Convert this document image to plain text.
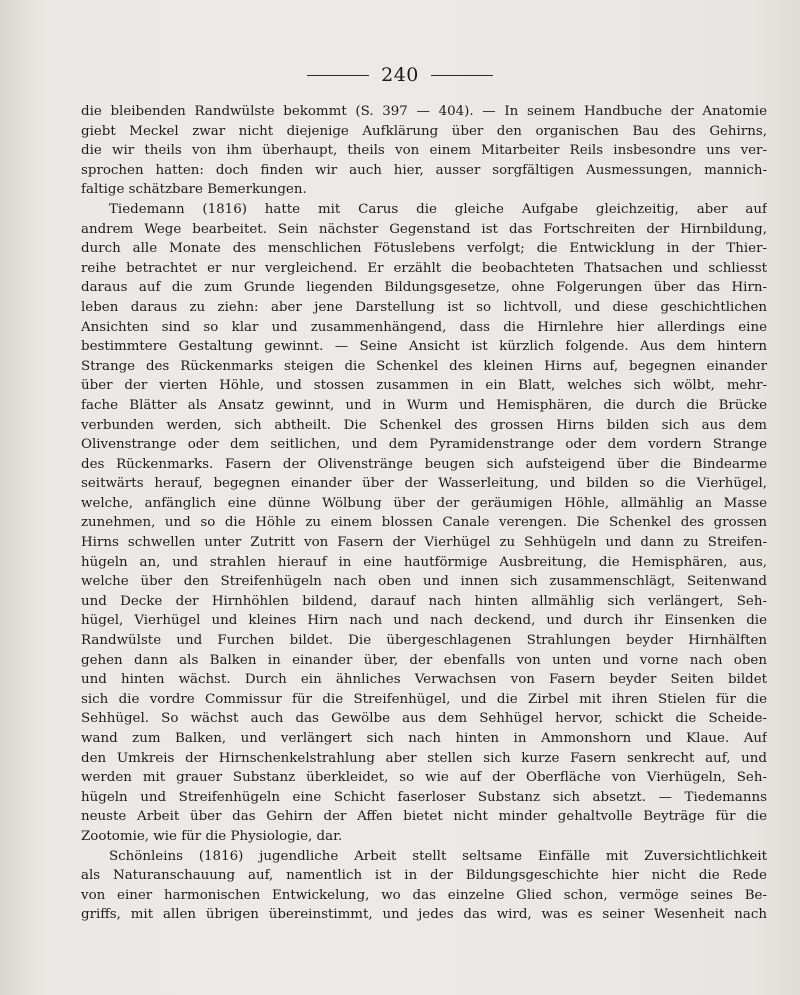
240
die bleibenden Randwülste bekommt (S. 397 — 404). — In seinem Handbuche der Anatomie
giebt Meckel zwar nicht diejenige Aufklärung über den organischen Bau des Gehirns,
die wir theils von ihm überhaupt, theils von einem Mitarbeiter Reils insbesondre uns ver-
sprochen hatten: doch finden wir auch hier, ausser sorgfältigen Ausmessungen, mannich-
faltige schätzbare Bemerkungen.
Tiedemann (1816) hatte mit Carus die gleiche Aufgabe gleichzeitig, aber auf
andrem Wege bearbeitet. Sein nächster Gegenstand ist das Fortschreiten der Hirnbildung,
durch alle Monate des menschlichen Fötuslebens verfolgt; die Entwicklung in der Thier-
reihe betrachtet er nur vergleichend. Er erzählt die beobachteten Thatsachen und schliesst
daraus auf die zum Grunde liegenden Bildungsgesetze, ohne Folgerungen über das Hirn-
leben daraus zu ziehn: aber jene Darstellung ist so lichtvoll, und diese geschichtlichen
Ansichten sind so klar und zusammenhängend, dass die Hirnlehre hier allerdings eine
bestimmtere Gestaltung gewinnt. — Seine Ansicht ist kürzlich folgende. Aus dem hintern
Strange des Rückenmarks steigen die Schenkel des kleinen Hirns auf, begegnen einander
über der vierten Höhle, und stossen zusammen in ein Blatt, welches sich wölbt, mehr-
fache Blätter als Ansatz gewinnt, und in Wurm und Hemisphären, die durch die Brücke
verbunden werden, sich abtheilt. Die Schenkel des grossen Hirns bilden sich aus dem
Olivenstrange oder dem seitlichen, und dem Pyramidenstrange oder dem vordern Strange
des Rückenmarks. Fasern der Olivenstränge beugen sich aufsteigend über die Bindearme
seitwärts herauf, begegnen einander über der Wasserleitung, und bilden so die Vierhügel,
welche, anfänglich eine dünne Wölbung über der geräumigen Höhle, allmählig an Masse
zunehmen, und so die Höhle zu einem blossen Canale verengen. Die Schenkel des grossen
Hirns schwellen unter Zutritt von Fasern der Vierhügel zu Sehhügeln und dann zu Streifen-
hügeln an, und strahlen hierauf in eine hautförmige Ausbreitung, die Hemisphären, aus,
welche über den Streifenhügeln nach oben und innen sich zusammenschlägt, Seitenwand
und Decke der Hirnhöhlen bildend, darauf nach hinten allmählig sich verlängert, Seh-
hügel, Vierhügel und kleines Hirn nach und nach deckend, und durch ihr Einsenken die
Randwülste und Furchen bildet. Die übergeschlagenen Strahlungen beyder Hirnhälften
gehen dann als Balken in einander über, der ebenfalls von unten und vorne nach oben
und hinten wächst. Durch ein ähnliches Verwachsen von Fasern beyder Seiten bildet
sich die vordre Commissur für die Streifenhügel, und die Zirbel mit ihren Stielen für die
Sehhügel. So wächst auch das Gewölbe aus dem Sehhügel hervor, schickt die Scheide-
wand zum Balken, und verlängert sich nach hinten in Ammonshorn und Klaue. Auf
den Umkreis der Hirnschenkelstrahlung aber stellen sich kurze Fasern senkrecht auf, und
werden mit grauer Substanz überkleidet, so wie auf der Oberfläche von Vierhügeln, Seh-
hügeln und Streifenhügeln eine Schicht faserloser Substanz sich absetzt. — Tiedemanns
neuste Arbeit über das Gehirn der Affen bietet nicht minder gehaltvolle Beyträge für die
Zootomie, wie für die Physiologie, dar.
Schönleins (1816) jugendliche Arbeit stellt seltsame Einfälle mit Zuversichtlichkeit
als Naturanschauung auf, namentlich ist in der Bildungsgeschichte hier nicht die Rede
von einer harmonischen Entwickelung, wo das einzelne Glied schon, vermöge seines Be-
griffs, mit allen übrigen übereinstimmt, und jedes das wird, was es seiner Wesenheit nach
